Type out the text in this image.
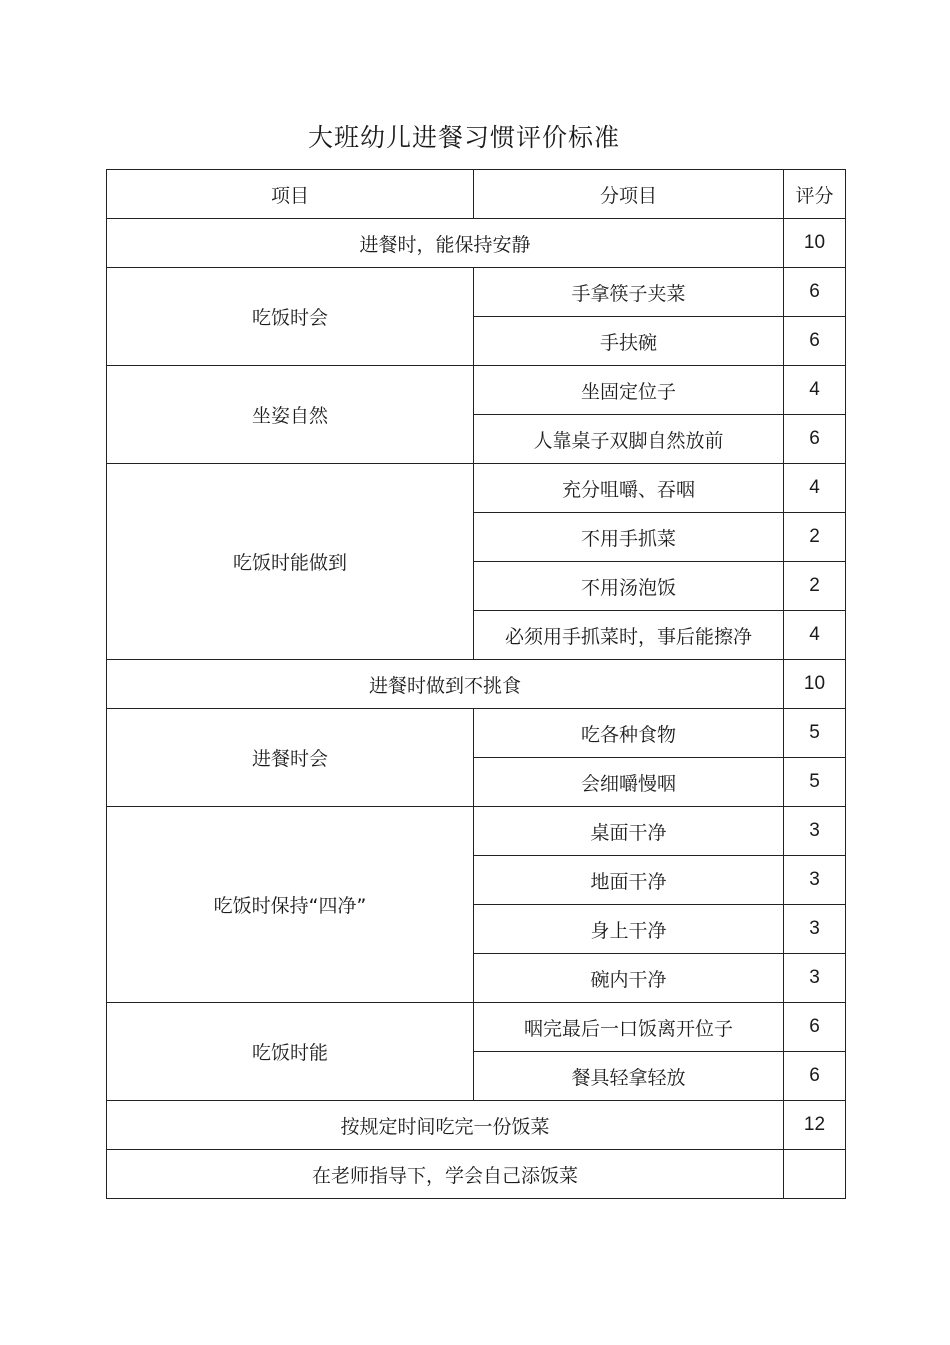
大班幼儿进餐习惯评价标准
项目	分项目	评分
进餐时，能保持安静		10
吃饭时会	手拿筷子夹菜	6
	手扶碗	6
坐姿自然	坐固定位子	4
	人靠桌子双脚自然放前	6
吃饭时能做到	充分咀嚼、吞咽	4
	不用手抓菜	2
	不用汤泡饭	2
	必须用手抓菜时，事后能擦净	4
进餐时做到不挑食		10
进餐时会	吃各种食物	5
	会细嚼慢咽	5
吃饭时保持“四净”	桌面干净	3
	地面干净	3
	身上干净	3
	碗内干净	3
吃饭时能	咽完最后一口饭离开位子	6
	餐具轻拿轻放	6
按规定时间吃完一份饭菜		12
在老师指导下，学会自己添饭菜		
